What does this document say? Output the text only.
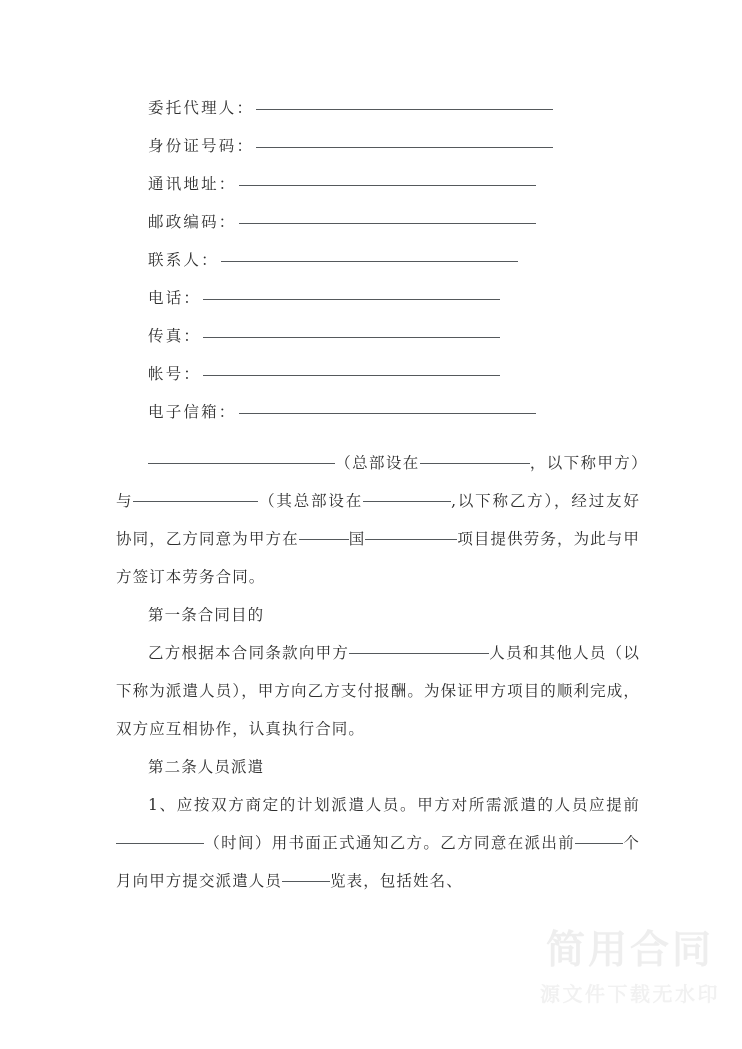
委托代理人：
身份证号码：
通讯地址：
邮政编码：
联系人：
电话：
传真：
帐号：
电子信箱：

（总部设在	，以下称甲方）与	（其总部设在	,以下称乙方），经过友好协同，乙方同意为甲方在	国	项目提供劳务，为此与甲方签订本劳务合同。

第一条合同目的

乙方根据本合同条款向甲方	人员和其他人员（以下称为派遣人员），甲方向乙方支付报酬。为保证甲方项目的顺利完成，双方应互相协作，认真执行合同。

第二条人员派遣

1、应按双方商定的计划派遣人员。甲方对所需派遣的人员应提前（时间）用书面正式通知乙方。乙方同意在派出前	个月向甲方提交派遣人员	览表，包括姓名、

简用合同
源文件下载无水印
